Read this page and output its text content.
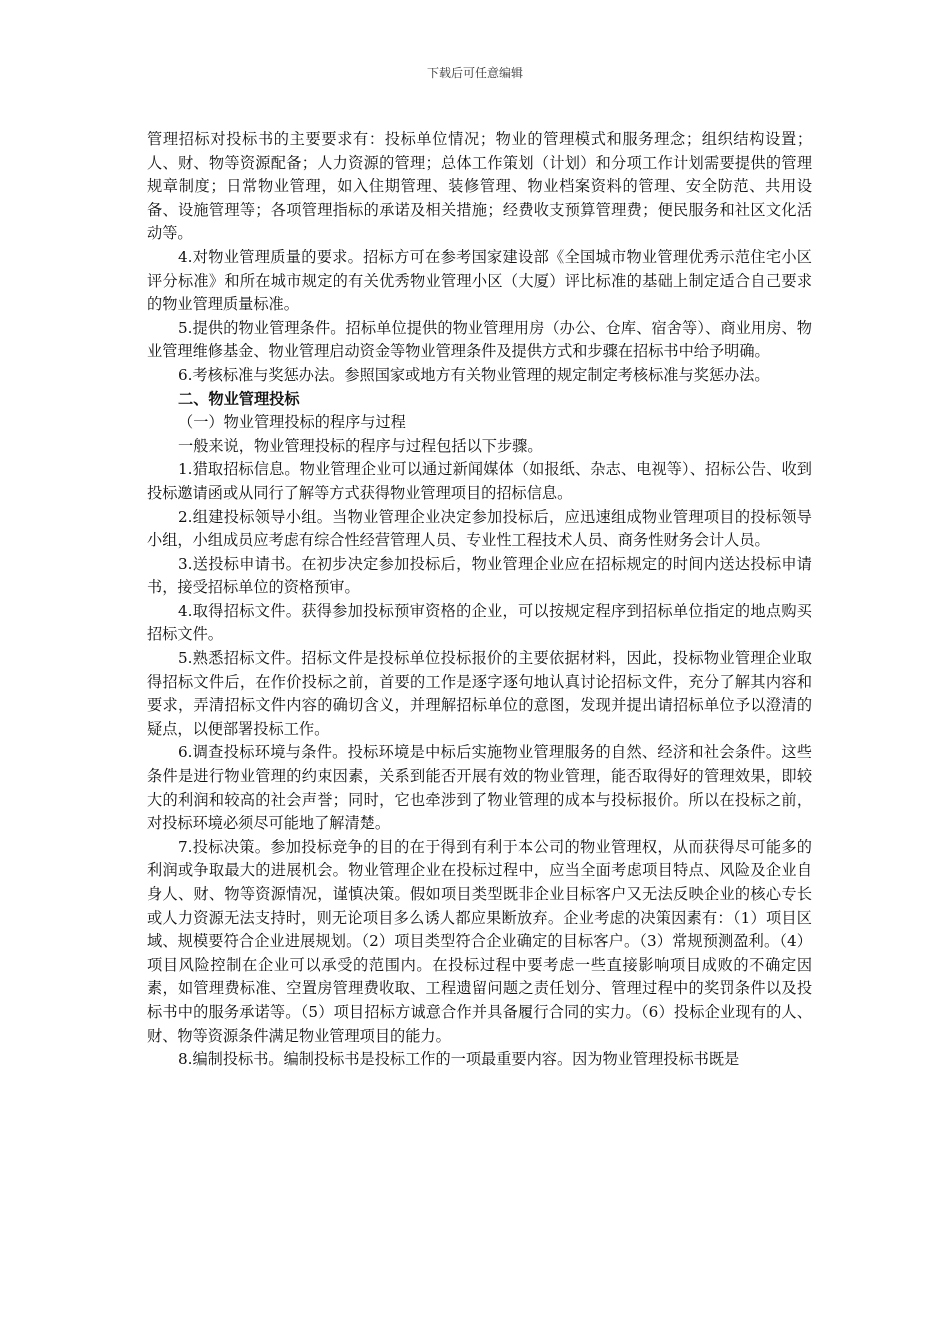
下载后可任意编辑

管理招标对投标书的主要要求有：投标单位情况；物业的管理模式和服务理念；组织结构设置；人、财、物等资源配备；人力资源的管理；总体工作策划（计划）和分项工作计划需要提供的管理规章制度；日常物业管理，如入住期管理、装修管理、物业档案资料的管理、安全防范、共用设备、设施管理等；各项管理指标的承诺及相关措施；经费收支预算管理费；便民服务和社区文化活动等。

4.对物业管理质量的要求。招标方可在参考国家建设部《全国城市物业管理优秀示范住宅小区评分标准》和所在城市规定的有关优秀物业管理小区（大厦）评比标准的基础上制定适合自己要求的物业管理质量标准。

5.提供的物业管理条件。招标单位提供的物业管理用房（办公、仓库、宿舍等）、商业用房、物业管理维修基金、物业管理启动资金等物业管理条件及提供方式和步骤在招标书中给予明确。

6.考核标准与奖惩办法。参照国家或地方有关物业管理的规定制定考核标准与奖惩办法。

二、物业管理投标

（一）物业管理投标的程序与过程

一般来说，物业管理投标的程序与过程包括以下步骤。

1.猎取招标信息。物业管理企业可以通过新闻媒体（如报纸、杂志、电视等）、招标公告、收到投标邀请函或从同行了解等方式获得物业管理项目的招标信息。

2.组建投标领导小组。当物业管理企业决定参加投标后，应迅速组成物业管理项目的投标领导小组，小组成员应考虑有综合性经营管理人员、专业性工程技术人员、商务性财务会计人员。

3.送投标申请书。在初步决定参加投标后，物业管理企业应在招标规定的时间内送达投标申请书，接受招标单位的资格预审。

4.取得招标文件。获得参加投标预审资格的企业，可以按规定程序到招标单位指定的地点购买招标文件。

5.熟悉招标文件。招标文件是投标单位投标报价的主要依据材料，因此，投标物业管理企业取得招标文件后，在作价投标之前，首要的工作是逐字逐句地认真讨论招标文件，充分了解其内容和要求，弄清招标文件内容的确切含义，并理解招标单位的意图，发现并提出请招标单位予以澄清的疑点，以便部署投标工作。

6.调查投标环境与条件。投标环境是中标后实施物业管理服务的自然、经济和社会条件。这些条件是进行物业管理的约束因素，关系到能否开展有效的物业管理，能否取得好的管理效果，即较大的利润和较高的社会声誉；同时，它也牵涉到了物业管理的成本与投标报价。所以在投标之前，对投标环境必须尽可能地了解清楚。

7.投标决策。参加投标竞争的目的在于得到有利于本公司的物业管理权，从而获得尽可能多的利润或争取最大的进展机会。物业管理企业在投标过程中，应当全面考虑项目特点、风险及企业自身人、财、物等资源情况，谨慎决策。假如项目类型既非企业目标客户又无法反映企业的核心专长或人力资源无法支持时，则无论项目多么诱人都应果断放弃。企业考虑的决策因素有：（1）项目区域、规模要符合企业进展规划。（2）项目类型符合企业确定的目标客户。（3）常规预测盈利。（4）项目风险控制在企业可以承受的范围内。在投标过程中要考虑一些直接影响项目成败的不确定因素，如管理费标准、空置房管理费收取、工程遗留问题之责任划分、管理过程中的奖罚条件以及投标书中的服务承诺等。（5）项目招标方诚意合作并具备履行合同的实力。（6）投标企业现有的人、财、物等资源条件满足物业管理项目的能力。

8.编制投标书。编制投标书是投标工作的一项最重要内容。因为物业管理投标书既是
